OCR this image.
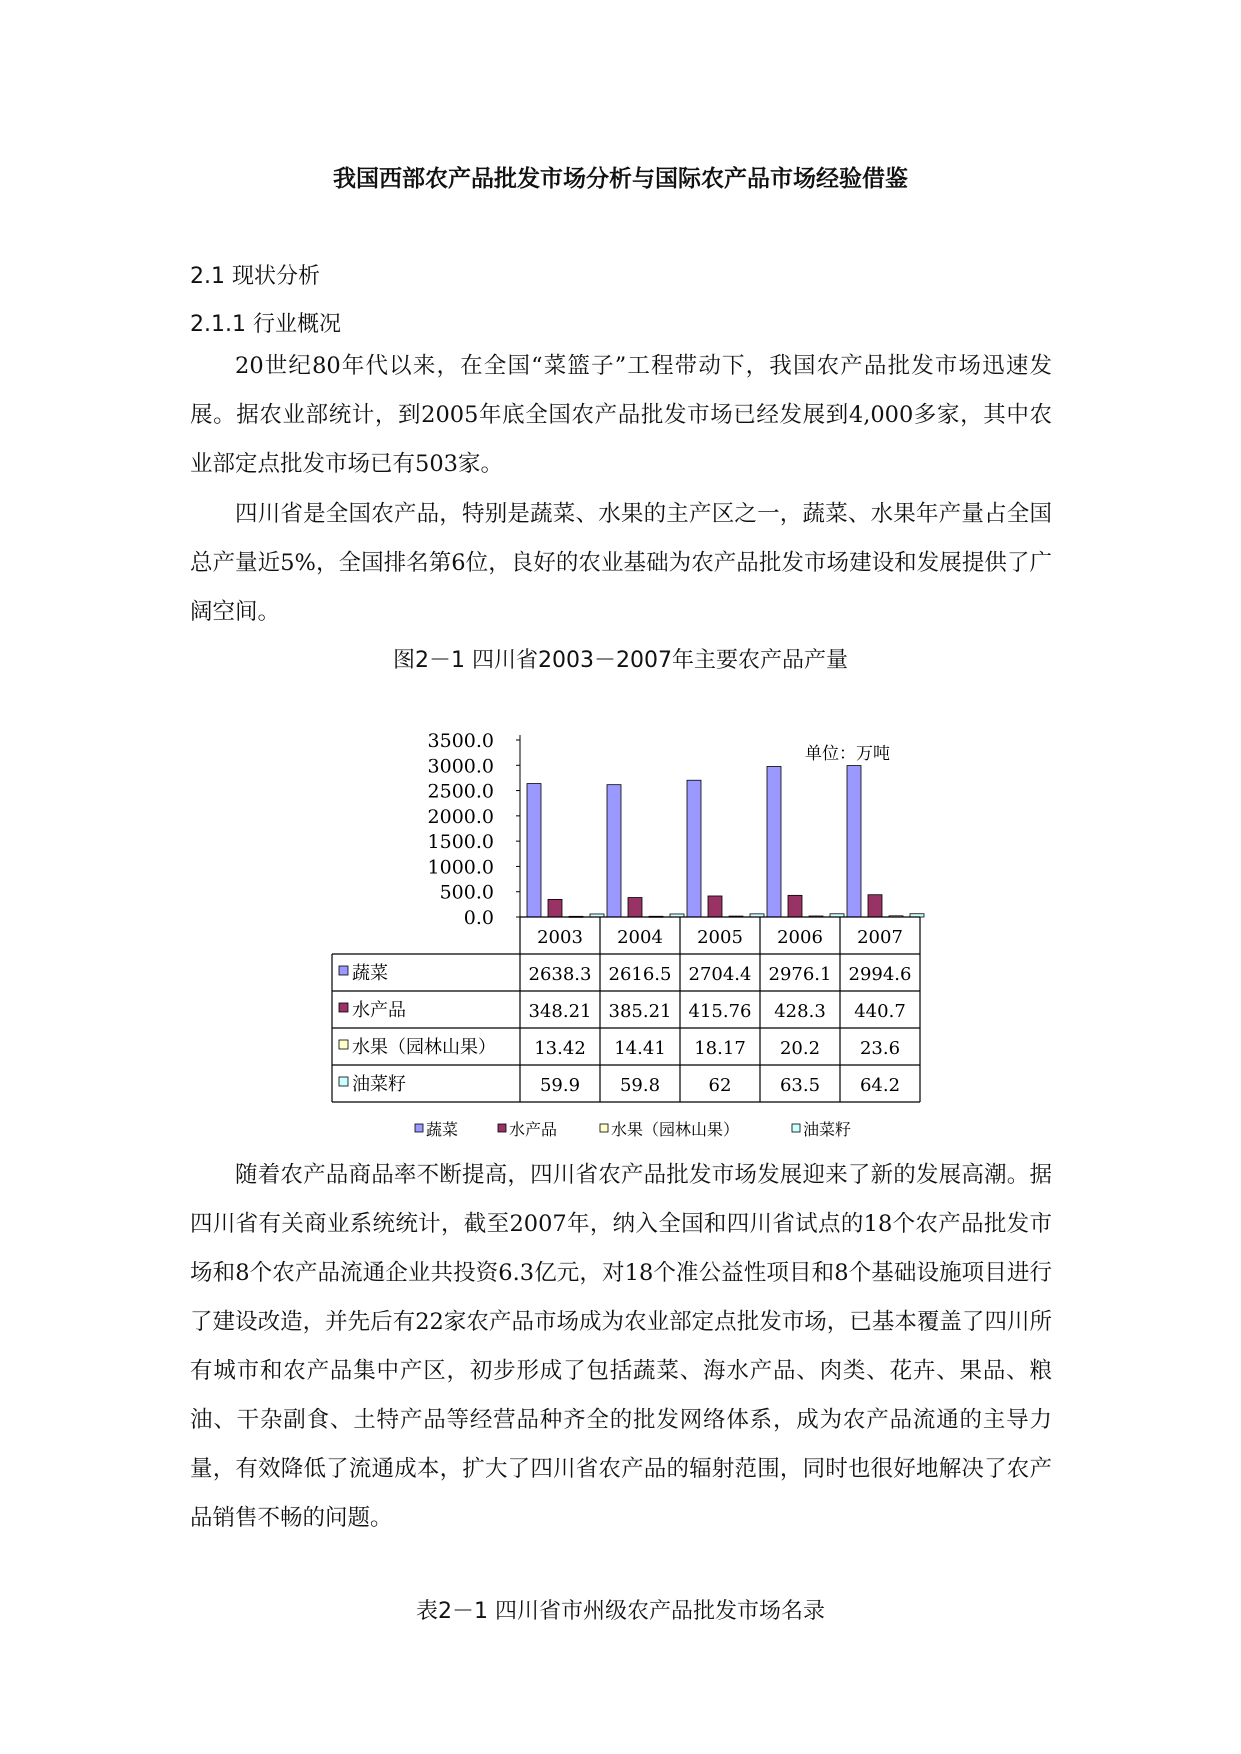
我国西部农产品批发市场分析与国际农产品市场经验借鉴
2.1 现状分析
2.1.1 行业概况

20世纪80年代以来，在全国“菜篮子”工程带动下，我国农产品批发市场迅速发展。据农业部统计，到2005年底全国农产品批发市场已经发展到4,000多家，其中农业部定点批发市场已有503家。

四川省是全国农产品，特别是蔬菜、水果的主产区之一，蔬菜、水果年产量占全国总产量近5%，全国排名第6位，良好的农业基础为农产品批发市场建设和发展提供了广阔空间。

图2－1 四川省2003－2007年主要农产品产量
3500.0
3000.0
2500.0
2000.0
1500.0
1000.0
500.0
0.0
单位：万吨
2003 2004 2005 2006 2007
蔬菜	2638.3 2616.5 2704.4 2976.1 2994.6
水产品	348.21 385.21 415.76 428.3 440.7
水果（园林山果） 13.42 14.41 18.17 20.2 23.6
油菜籽	59.9 59.8	62	63.5 64.2
蔬菜	水产品	水果（园林山果）	油菜籽

随着农产品商品率不断提高，四川省农产品批发市场发展迎来了新的发展高潮。据四川省有关商业系统统计，截至2007年，纳入全国和四川省试点的18个农产品批发市场和8个农产品流通企业共投资6.3亿元，对18个准公益性项目和8个基础设施项目进行了建设改造，并先后有22家农产品市场成为农业部定点批发市场，已基本覆盖了四川所有城市和农产品集中产区，初步形成了包括蔬菜、海水产品、肉类、花卉、果品、粮油、干杂副食、土特产品等经营品种齐全的批发网络体系，成为农产品流通的主导力量，有效降低了流通成本，扩大了四川省农产品的辐射范围，同时也很好地解决了农产品销售不畅的问题。

表2－1 四川省市州级农产品批发市场名录
